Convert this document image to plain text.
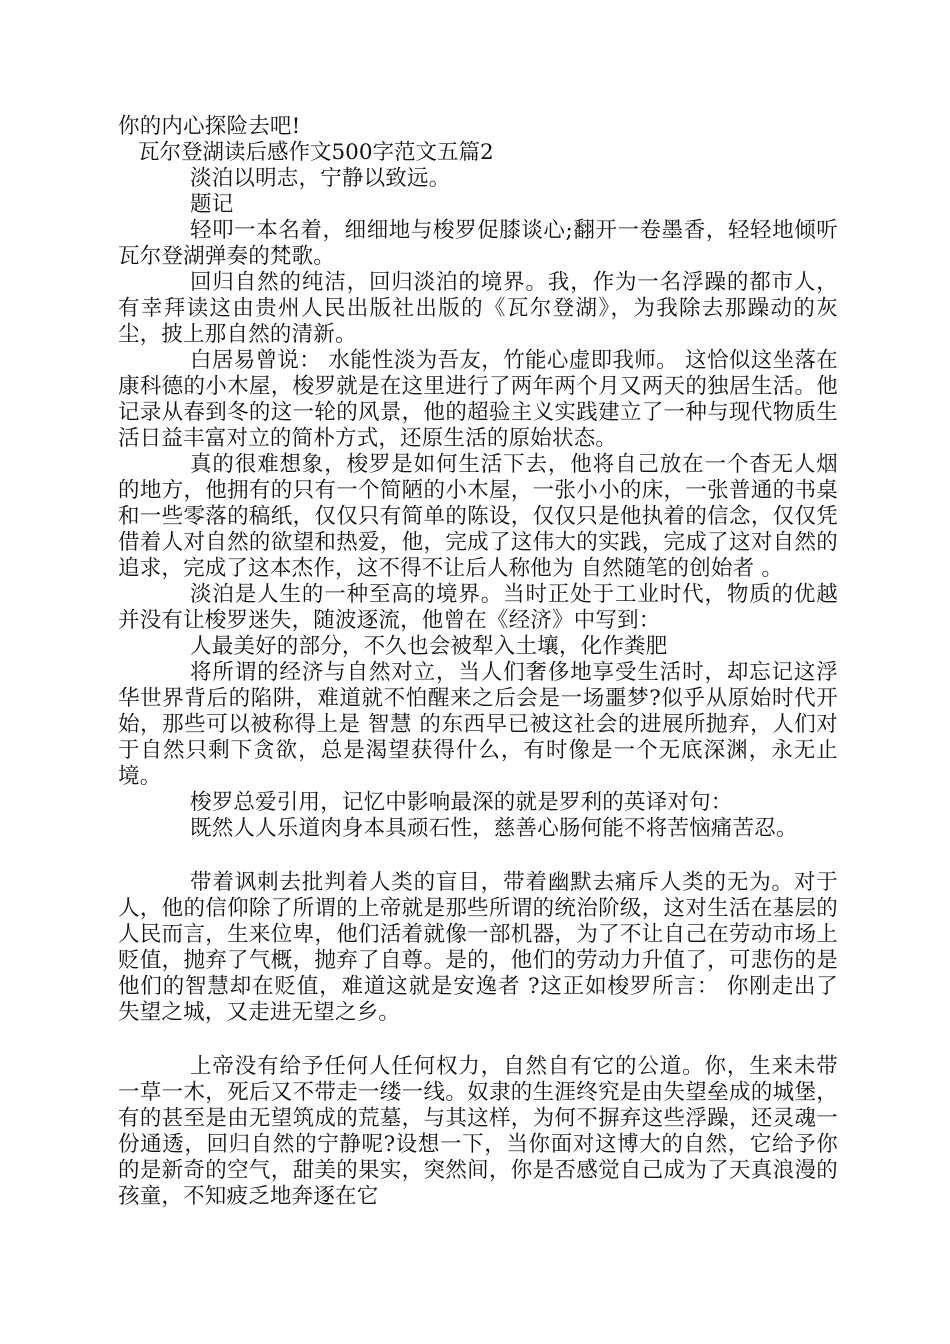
你的内心探险去吧!

瓦尔登湖读后感作文500字范文五篇2

淡泊以明志，宁静以致远。

题记

轻叩一本名着，细细地与梭罗促膝谈心;翻开一卷墨香，轻轻地倾听瓦尔登湖弹奏的梵歌。

回归自然的纯洁，回归淡泊的境界。我，作为一名浮躁的都市人，有幸拜读这由贵州人民出版社出版的《瓦尔登湖》，为我除去那躁动的灰尘，披上那自然的清新。

白居易曾说： 水能性淡为吾友，竹能心虚即我师。 这恰似这坐落在康科德的小木屋，梭罗就是在这里进行了两年两个月又两天的独居生活。他记录从春到冬的这一轮的风景，他的超验主义实践建立了一种与现代物质生活日益丰富对立的简朴方式，还原生活的原始状态。

真的很难想象，梭罗是如何生活下去，他将自己放在一个杳无人烟的地方，他拥有的只有一个简陋的小木屋，一张小小的床，一张普通的书桌和一些零落的稿纸，仅仅只有简单的陈设，仅仅只是他执着的信念，仅仅凭借着人对自然的欲望和热爱，他，完成了这伟大的实践，完成了这对自然的追求，完成了这本杰作，这不得不让后人称他为 自然随笔的创始者 。

淡泊是人生的一种至高的境界。当时正处于工业时代，物质的优越并没有让梭罗迷失，随波逐流，他曾在《经济》中写到：

人最美好的部分，不久也会被犁入土壤，化作粪肥

将所谓的经济与自然对立，当人们奢侈地享受生活时，却忘记这浮华世界背后的陷阱，难道就不怕醒来之后会是一场噩梦?似乎从原始时代开始，那些可以被称得上是 智慧 的东西早已被这社会的进展所抛弃，人们对于自然只剩下贪欲，总是渴望获得什么，有时像是一个无底深渊，永无止境。

梭罗总爱引用，记忆中影响最深的就是罗利的英译对句：

既然人人乐道肉身本具顽石性，慈善心肠何能不将苦恼痛苦忍。

带着讽刺去批判着人类的盲目，带着幽默去痛斥人类的无为。对于人，他的信仰除了所谓的上帝就是那些所谓的统治阶级，这对生活在基层的人民而言，生来位卑，他们活着就像一部机器，为了不让自己在劳动市场上贬值，抛弃了气概，抛弃了自尊。是的，他们的劳动力升值了，可悲伤的是他们的智慧却在贬值，难道这就是安逸者 ?这正如梭罗所言： 你刚走出了失望之城，又走进无望之乡。

上帝没有给予任何人任何权力，自然自有它的公道。你，生来未带一草一木，死后又不带走一缕一线。奴隶的生涯终究是由失望垒成的城堡，有的甚至是由无望筑成的荒墓，与其这样，为何不摒弃这些浮躁，还灵魂一份通透，回归自然的宁静呢?设想一下，当你面对这博大的自然，它给予你的是新奇的空气，甜美的果实，突然间，你是否感觉自己成为了天真浪漫的孩童，不知疲乏地奔逐在它
